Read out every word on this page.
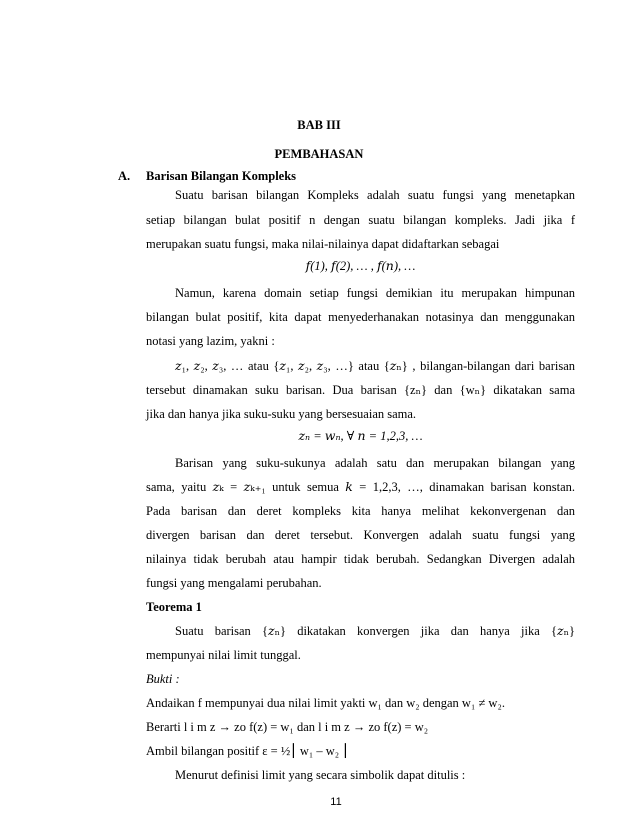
BAB III
PEMBAHASAN
A. Barisan Bilangan Kompleks
Suatu barisan bilangan Kompleks adalah suatu fungsi yang menetapkan
setiap bilangan bulat positif n dengan suatu bilangan kompleks. Jadi jika f
merupakan suatu fungsi, maka nilai-nilainya dapat didaftarkan sebagai
𝑓(1), 𝑓(2), … , 𝑓(𝑛), …
Namun, karena domain setiap fungsi demikian itu merupakan himpunan
bilangan bulat positif, kita dapat menyederhanakan notasinya dan menggunakan
notasi yang lazim, yakni :
𝑧₁, 𝑧₂, 𝑧₃, … atau {𝑧₁, 𝑧₂, 𝑧₃, …} atau {𝑧ₙ} , bilangan-bilangan dari barisan
tersebut dinamakan suku barisan. Dua barisan {zₙ} dan {wₙ} dikatakan sama
jika dan hanya jika suku-suku yang bersesuaian sama.
𝑧ₙ = 𝑤ₙ, ∀ 𝑛 = 1,2,3, …
Barisan yang suku-sukunya adalah satu dan merupakan bilangan yang
sama, yaitu 𝑧ₖ = 𝑧ₖ₊₁ untuk semua 𝑘 = 1,2,3, …, dinamakan barisan konstan.
Pada barisan dan deret kompleks kita hanya melihat kekonvergenan dan
divergen barisan dan deret tersebut. Konvergen adalah suatu fungsi yang
nilainya tidak berubah atau hampir tidak berubah. Sedangkan Divergen adalah
fungsi yang mengalami perubahan.
Teorema 1
Suatu barisan {𝑧ₙ} dikatakan konvergen jika dan hanya jika {𝑧ₙ}
mempunyai nilai limit tunggal.
Bukti :
Andaikan f mempunyai dua nilai limit yakti w₁ dan w₂ dengan w₁ ≠ w₂.
Berarti l i m z → zo f(z) = w₁ dan l i m z → zo f(z) = w₂
Ambil bilangan positif ε = ½⎮ w₁ – w₂ ⎮
Menurut definisi limit yang secara simbolik dapat ditulis :
11
